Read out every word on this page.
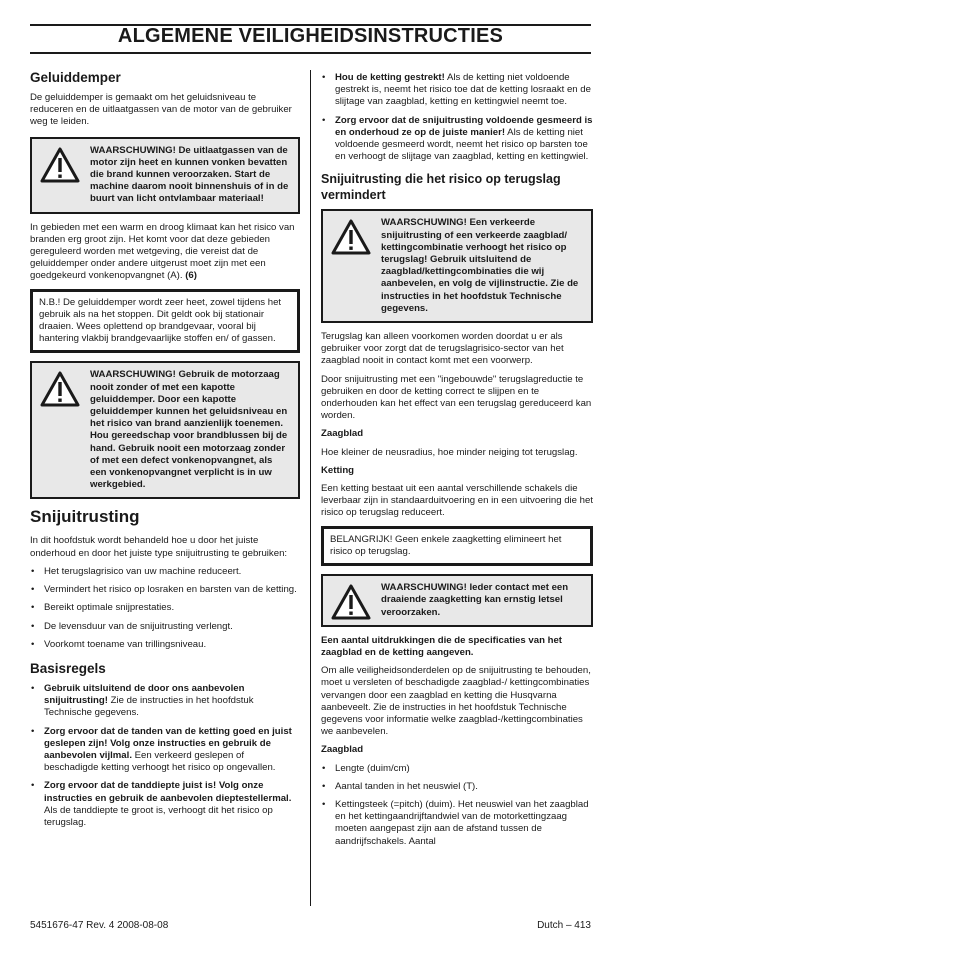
ALGEMENE VEILIGHEIDSINSTRUCTIES
Geluiddemper

De geluiddemper is gemaakt om het geluidsniveau te reduceren en de uitlaatgassen van de motor van de gebruiker weg te leiden.

WAARSCHUWING! De uitlaatgassen van de motor zijn heet en kunnen vonken bevatten die brand kunnen veroorzaken. Start de machine daarom nooit binnenshuis of in de buurt van licht ontvlambaar materiaal!

In gebieden met een warm en droog klimaat kan het risico van branden erg groot zijn. Het komt voor dat deze gebieden gereguleerd worden met wetgeving, die vereist dat de geluiddemper onder andere uitgerust moet zijn met een goedgekeurd vonkenopvangnet (A). (6)

N.B.! De geluiddemper wordt zeer heet, zowel tijdens het gebruik als na het stoppen. Dit geldt ook bij stationair draaien. Wees oplettend op brandgevaar, vooral bij hantering vlakbij brandgevaarlijke stoffen en/ of gassen.
WAARSCHUWING! Gebruik de motorzaag nooit zonder of met een kapotte geluiddemper. Door een kapotte geluiddemper kunnen het geluidsniveau en het risico van brand aanzienlijk toenemen. Hou gereedschap voor brandblussen bij de hand. Gebruik nooit een motorzaag zonder of met een defect vonkenopvangnet, als een vonkenopvangnet verplicht is in uw werkgebied.
Snijuitrusting

In dit hoofdstuk wordt behandeld hoe u door het juiste onderhoud en door het juiste type snijuitrusting te gebruiken:

• Het terugslagrisico van uw machine reduceert.
• Vermindert het risico op losraken en barsten van de ketting.
• Bereikt optimale snijprestaties.
• De levensduur van de snijuitrusting verlengt.
• Voorkomt toename van trillingsniveau.
Basisregels
• Gebruik uitsluitend de door ons aanbevolen snijuitrusting! Zie de instructies in het hoofdstuk Technische gegevens.
• Zorg ervoor dat de tanden van de ketting goed en juist geslepen zijn! Volg onze instructies en gebruik de aanbevolen vijlmal. Een verkeerd geslepen of beschadigde ketting verhoogt het risico op ongevallen.
• Zorg ervoor dat de tanddiepte juist is! Volg onze instructies en gebruik de aanbevolen dieptestellermal. Als de tanddiepte te groot is, verhoogt dit het risico op terugslag.
• Hou de ketting gestrekt! Als de ketting niet voldoende gestrekt is, neemt het risico toe dat de ketting losraakt en de slijtage van zaagblad, ketting en kettingwiel neemt toe.
• Zorg ervoor dat de snijuitrusting voldoende gesmeerd is en onderhoud ze op de juiste manier! Als de ketting niet voldoende gesmeerd wordt, neemt het risico op barsten toe en verhoogt de slijtage van zaagblad, ketting en kettingwiel.
Snijuitrusting die het risico op terugslag vermindert
WAARSCHUWING! Een verkeerde snijuitrusting of een verkeerde zaagblad/ kettingcombinatie verhoogt het risico op terugslag! Gebruik uitsluitend de zaagblad/kettingcombinaties die wij aanbevelen, en volg de vijlinstructie. Zie de instructies in het hoofdstuk Technische gegevens.

Terugslag kan alleen voorkomen worden doordat u er als gebruiker voor zorgt dat de terugslagrisico-sector van het zaagblad nooit in contact komt met een voorwerp.

Door snijuitrusting met een "ingebouwde" terugslagreductie te gebruiken en door de ketting correct te slijpen en te onderhouden kan het effect van een terugslag gereduceerd kan worden.

Zaagblad

Hoe kleiner de neusradius, hoe minder neiging tot terugslag.

Ketting

Een ketting bestaat uit een aantal verschillende schakels die leverbaar zijn in standaarduitvoering en in een uitvoering die het risico op terugslag reduceert.

BELANGRIJK! Geen enkele zaagketting elimineert het risico op terugslag.
WAARSCHUWING! Ieder contact met een draaiende zaagketting kan ernstig letsel veroorzaken.

Een aantal uitdrukkingen die de specificaties van het zaagblad en de ketting aangeven.

Om alle veiligheidsonderdelen op de snijuitrusting te behouden, moet u versleten of beschadigde zaagblad-/ kettingcombinaties vervangen door een zaagblad en ketting die Husqvarna aanbeveelt. Zie de instructies in het hoofdstuk Technische gegevens voor informatie welke zaagblad-/kettingcombinaties we aanbevelen.

Zaagblad

• Lengte (duim/cm)
• Aantal tanden in het neuswiel (T).
• Kettingsteek (=pitch) (duim). Het neuswiel van het zaagblad en het kettingaandrijftandwiel van de motorkettingzaag moeten aangepast zijn aan de afstand tussen de aandrijfschakels. Aantal
5451676-47 Rev. 4 2008-08-08	Dutch – 413
